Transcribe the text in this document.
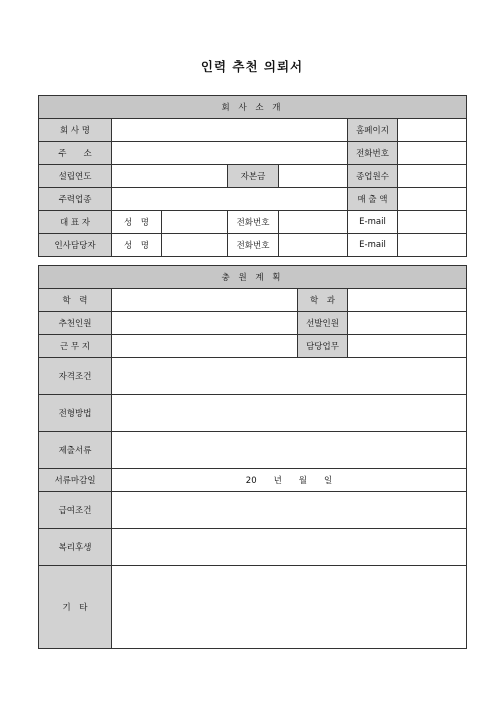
인력 추천 의뢰서
회 사 소 개						
회 사 명					홈페이지	
주　　소					전화번호	
설립연도			자본금		종업원수	
주력업종					매 출 액	
대 표 자	성　명		전화번호		E-mail	
인사담당자	성　명		전화번호		E-mail	
충 원 계 획			
학　력		학　과	
추천인원		선발인원	
근 무 지		담당업무	
자격조건			
전형방법			
제출서류			
서류마감일	20　　년　　월　　일		
급여조건			
복리후생			
기　타			
